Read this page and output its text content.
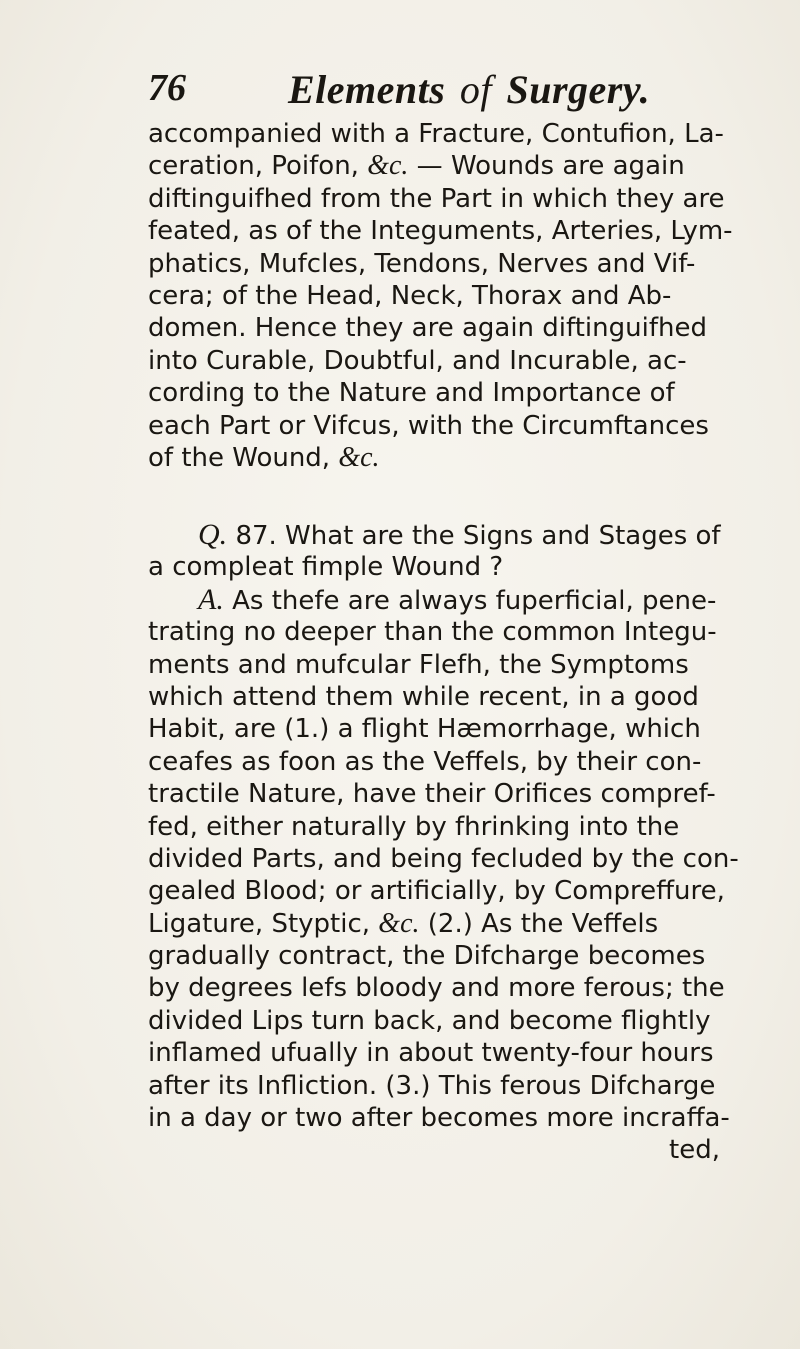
76	Elements of Surgery.
accompanied with a Fracture, Contufion, La-
ceration, Poifon, &c. — Wounds are again
diftinguifhed from the Part in which they are
feated, as of the Integuments, Arteries, Lym-
phatics, Mufcles, Tendons, Nerves and Vif-
cera; of the Head, Neck, Thorax and Ab-
domen. Hence they are again diftinguifhed
into Curable, Doubtful, and Incurable, ac-
cording to the Nature and Importance of
each Part or Vifcus, with the Circumftances
of the Wound, &c.
Q. 87. What are the Signs and Stages of
a compleat fimple Wound ?
A. As thefe are always fuperficial, pene-
trating no deeper than the common Integu-
ments and mufcular Flefh, the Symptoms
which attend them while recent, in a good
Habit, are (1.) a flight Hæmorrhage, which
ceafes as foon as the Veffels, by their con-
tractile Nature, have their Orifices compref-
fed, either naturally by fhrinking into the
divided Parts, and being fecluded by the con-
gealed Blood; or artificially, by Compreffure,
Ligature, Styptic, &c. (2.) As the Veffels
gradually contract, the Difcharge becomes
by degrees lefs bloody and more ferous; the
divided Lips turn back, and become flightly
inflamed ufually in about twenty-four hours
after its Infliction. (3.) This ferous Difcharge
in a day or two after becomes more incraffa-
ted,
